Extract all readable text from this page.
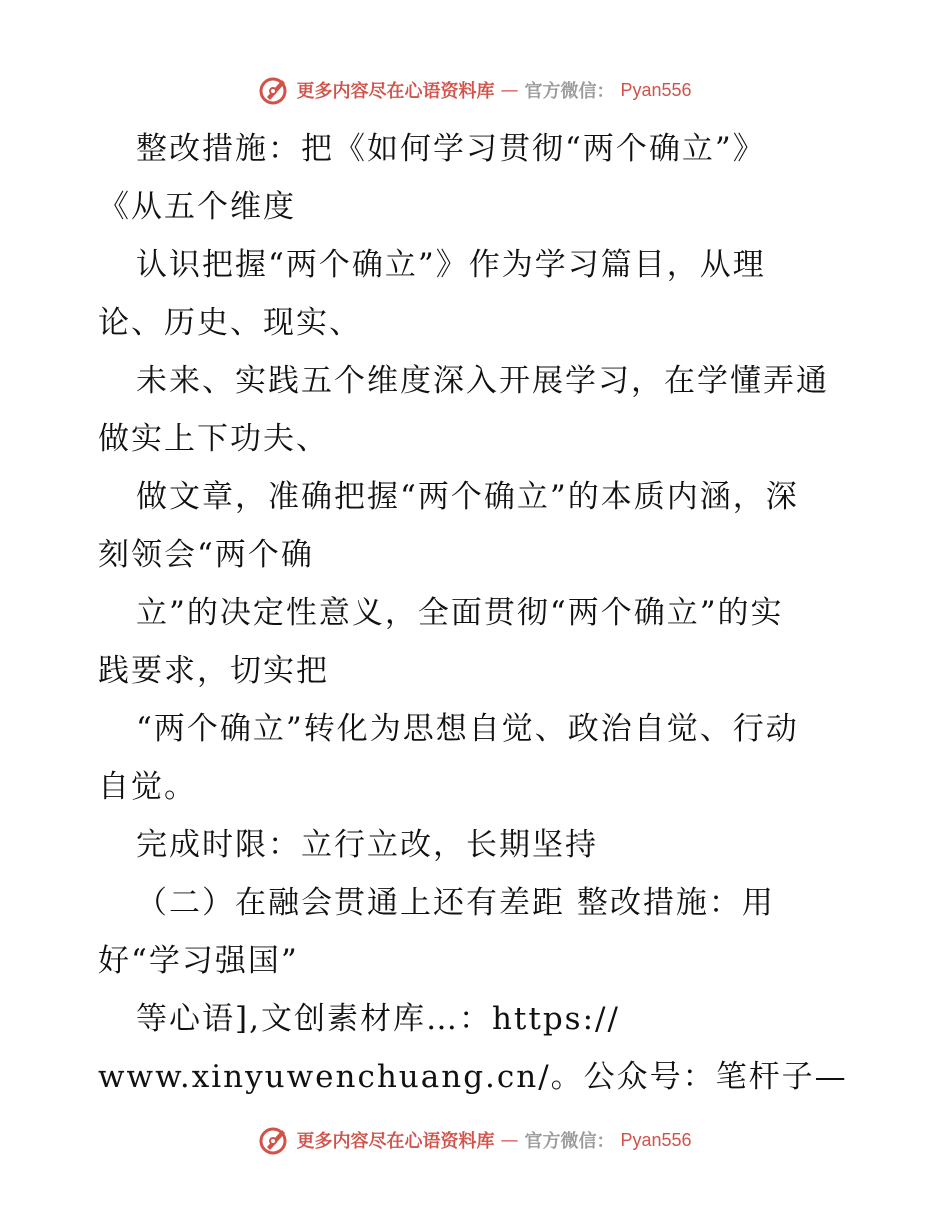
更多内容尽在心语资料库 — 官方微信： Pyan556
整改措施：把《如何学习贯彻“两个确立”》
《从五个维度
认识把握“两个确立”》作为学习篇目，从理
论、历史、现实、
未来、实践五个维度深入开展学习，在学懂弄通
做实上下功夫、
做文章，准确把握“两个确立”的本质内涵，深
刻领会“两个确
立”的决定性意义，全面贯彻“两个确立”的实
践要求，切实把
“两个确立”转化为思想自觉、政治自觉、行动
自觉。
完成时限：立行立改，长期坚持
（二）在融会贯通上还有差距 整改措施：用
好“学习强国”
等心语],文创素材库…：https://
www.xinyuwenchuang.cn/。公众号：笔杆子—
更多内容尽在心语资料库 — 官方微信： Pyan556
